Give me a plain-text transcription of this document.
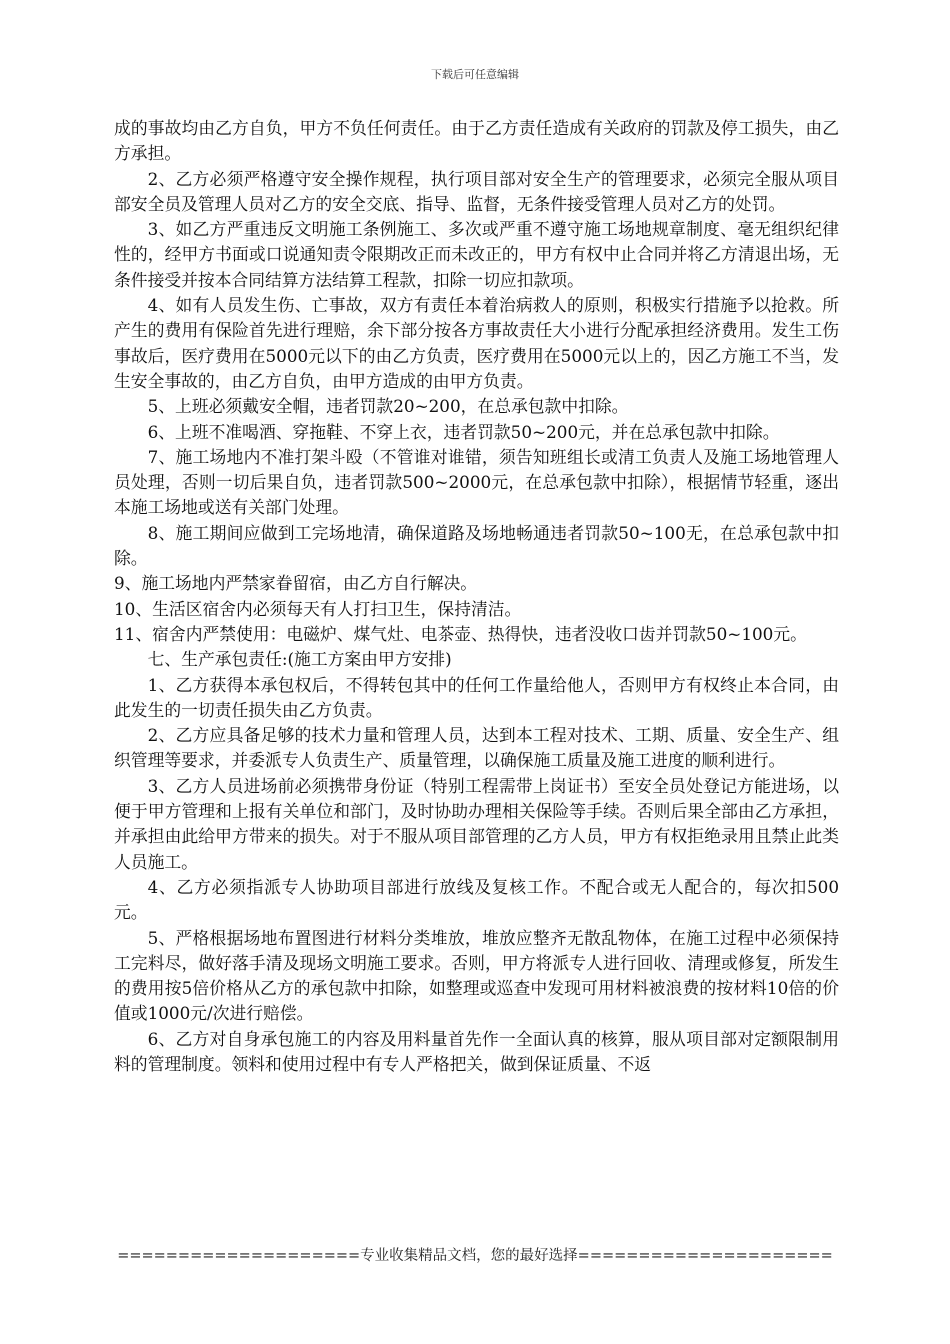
下载后可任意编辑

成的事故均由乙方自负，甲方不负任何责任。由于乙方责任造成有关政府的罚款及停工损失，由乙方承担。

2、乙方必须严格遵守安全操作规程，执行项目部对安全生产的管理要求，必须完全服从项目部安全员及管理人员对乙方的安全交底、指导、监督，无条件接受管理人员对乙方的处罚。

3、如乙方严重违反文明施工条例施工、多次或严重不遵守施工场地规章制度、毫无组织纪律性的，经甲方书面或口说通知责令限期改正而未改正的，甲方有权中止合同并将乙方清退出场，无条件接受并按本合同结算方法结算工程款，扣除一切应扣款项。

4、如有人员发生伤、亡事故，双方有责任本着治病救人的原则，积极实行措施予以抢救。所产生的费用有保险首先进行理赔，余下部分按各方事故责任大小进行分配承担经济费用。发生工伤事故后，医疗费用在5000元以下的由乙方负责，医疗费用在5000元以上的，因乙方施工不当，发生安全事故的，由乙方自负，由甲方造成的由甲方负责。

5、上班必须戴安全帽，违者罚款20~200，在总承包款中扣除。

6、上班不准喝酒、穿拖鞋、不穿上衣，违者罚款50~200元，并在总承包款中扣除。

7、施工场地内不准打架斗殴（不管谁对谁错，须告知班组长或清工负责人及施工场地管理人员处理，否则一切后果自负，违者罚款500~2000元，在总承包款中扣除），根据情节轻重，逐出本施工场地或送有关部门处理。

8、施工期间应做到工完场地清，确保道路及场地畅通违者罚款50~100无，在总承包款中扣除。

9、施工场地内严禁家眷留宿，由乙方自行解决。

10、生活区宿舍内必须每天有人打扫卫生，保持清洁。

11、宿舍内严禁使用：电磁炉、煤气灶、电茶壶、热得快，违者没收口齿并罚款50~100元。

七、生产承包责任:(施工方案由甲方安排)

1、乙方获得本承包权后，不得转包其中的任何工作量给他人，否则甲方有权终止本合同，由此发生的一切责任损失由乙方负责。

2、乙方应具备足够的技术力量和管理人员，达到本工程对技术、工期、质量、安全生产、组织管理等要求，并委派专人负责生产、质量管理，以确保施工质量及施工进度的顺利进行。

3、乙方人员进场前必须携带身份证（特别工程需带上岗证书）至安全员处登记方能进场，以便于甲方管理和上报有关单位和部门，及时协助办理相关保险等手续。否则后果全部由乙方承担，并承担由此给甲方带来的损失。对于不服从项目部管理的乙方人员，甲方有权拒绝录用且禁止此类人员施工。

4、乙方必须指派专人协助项目部进行放线及复核工作。不配合或无人配合的，每次扣500元。

5、严格根据场地布置图进行材料分类堆放，堆放应整齐无散乱物体，在施工过程中必须保持工完料尽，做好落手清及现场文明施工要求。否则，甲方将派专人进行回收、清理或修复，所发生的费用按5倍价格从乙方的承包款中扣除，如整理或巡查中发现可用材料被浪费的按材料10倍的价值或1000元/次进行赔偿。

6、乙方对自身承包施工的内容及用料量首先作一全面认真的核算，服从项目部对定额限制用料的管理制度。领料和使用过程中有专人严格把关，做到保证质量、不返

====================专业收集精品文档，您的最好选择=====================
